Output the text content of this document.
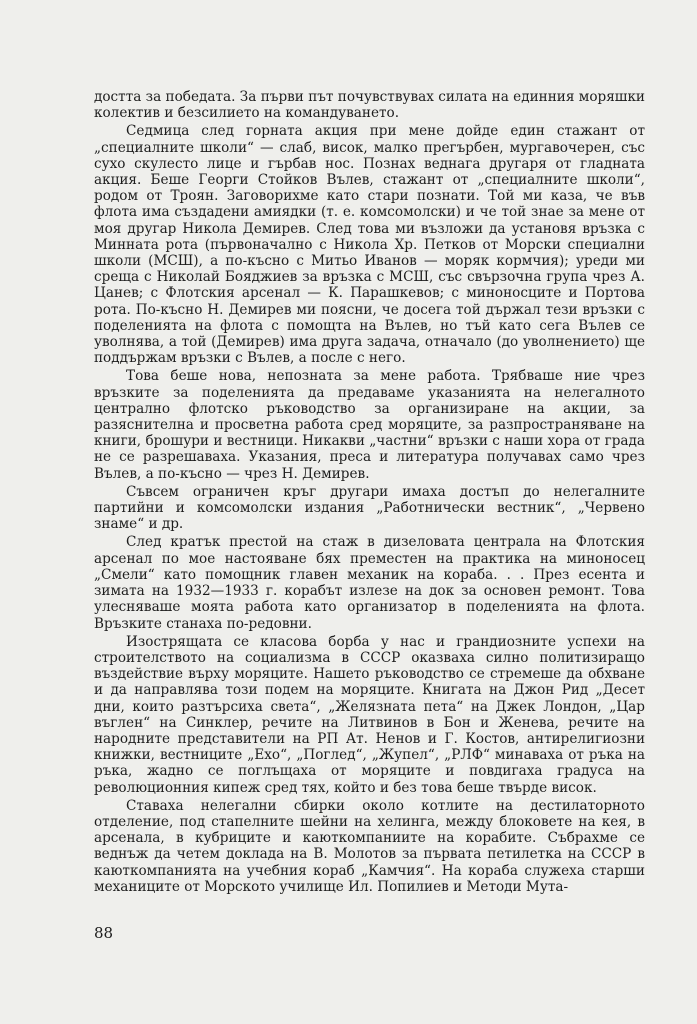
достта за победата. За първи път почувствувах силата на единния моряшки колектив и безсилието на командуването.

Седмица след горната акция при мене дойде един стажант от „специалните школи“ — слаб, висок, малко прегърбен, мургавочерен, със сухо скулесто лице и гърбав нос. Познах веднага другаря от гладната акция. Беше Георги Стойков Вълев, стажант от „специалните школи“, родом от Троян. Заговорихме като стари познати. Той ми каза, че във флота има създадени амиядки (т. е. комсомолски) и че той знае за мене от моя другар Никола Демирев. След това ми възложи да установя връзка с Минната рота (първоначално с Никола Хр. Петков от Морски специални школи (МСШ), а по-късно с Митьо Иванов — моряк кормчия); уреди ми среща с Николай Бояджиев за връзка с МСШ, със свързочна група чрез А. Цанев; с Флотския арсенал — К. Парашкевов; с миноносците и Портова рота. По-късно Н. Демирев ми поясни, че досега той държал тези връзки с поделенията на флота с помощта на Вълев, но тъй като сега Вълев се уволнява, а той (Демирев) има друга задача, отначало (до уволнението) ще поддържам връзки с Вълев, а после с него.

Това беше нова, непозната за мене работа. Трябваше ние чрез връзките за поделенията да предаваме указанията на нелегалното централно флотско ръководство за организиране на акции, за разяснителна и просветна работа сред моряците, за разпространяване на книги, брошури и вестници. Никакви „частни“ връзки с наши хора от града не се разрешаваха. Указания, преса и литература получавах само чрез Вълев, а по-късно — чрез Н. Демирев.

Съвсем ограничен кръг другари имаха достъп до нелегалните партийни и комсомолски издания „Работнически вестник“, „Червено знаме“ и др.

След кратък престой на стаж в дизеловата централа на Флотския арсенал по мое настояване бях преместен на практика на миноносец „Смели“ като помощник главен механик на кораба. . . През есента и зимата на 1932—1933 г. корабът излезе на док за основен ремонт. Това улесняваше моята работа като организатор в поделенията на флота. Връзките станаха по-редовни.

Изострящата се класова борба у нас и грандиозните успехи на строителството на социализма в СССР оказваха силно политизиращо въздействие върху моряците. Нашето ръководство се стремеше да обхване и да направлява този подем на моряците. Книгата на Джон Рид „Десет дни, които разтърсиха света“, „Желязната пета“ на Джек Лондон, „Цар въглен“ на Синклер, речите на Литвинов в Бон и Женева, речите на народните представители на РП Ат. Ненов и Г. Костов, антирелигиозни книжки, вестниците „Ехо“, „Поглед“, „Жупел“, „РЛФ“ минаваха от ръка на ръка, жадно се поглъщаха от моряците и повдигаха градуса на революционния кипеж сред тях, който и без това беше твърде висок.

Ставаха нелегални сбирки около котлите на дестилаторното отделение, под стапелните шейни на хелинга, между блоковете на кея, в арсенала, в кубриците и каюткомпаниите на корабите. Събрахме се веднъж да четем доклада на В. Молотов за първата петилетка на СССР в каюткомпанията на учебния кораб „Камчия“. На кораба служеха старши механиците от Морското училище Ил. Попилиев и Методи Мута-

88
